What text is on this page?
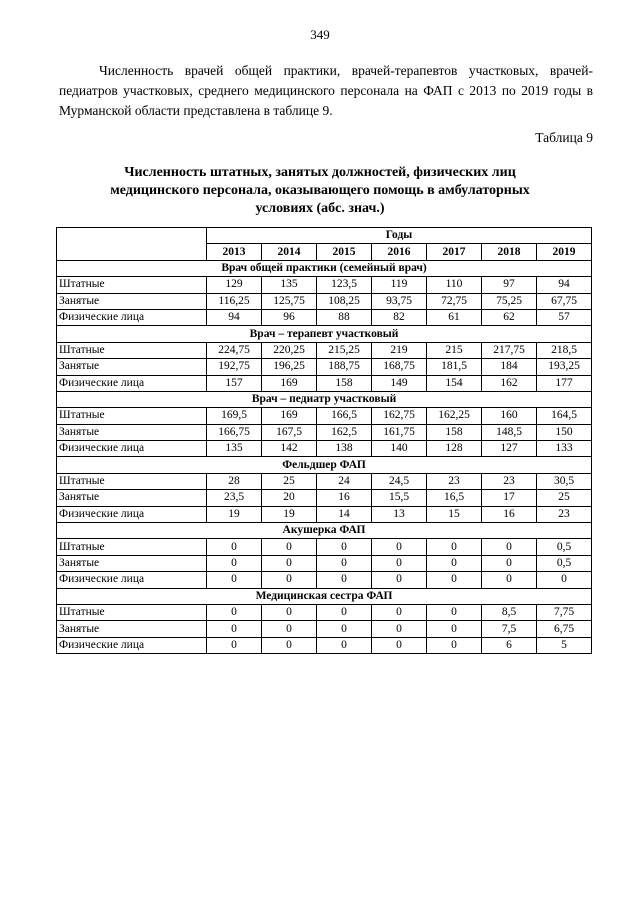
349

Численность врачей общей практики, врачей-терапевтов участковых, врачей-педиатров участковых, среднего медицинского персонала на ФАП с 2013 по 2019 годы в Мурманской области представлена в таблице 9.

Таблица 9
Численность штатных, занятых должностей, физических лиц
медицинского персонала, оказывающего помощь в амбулаторных
условиях (абс. знач.)
	Годы						
	2013	2014	2015	2016	2017	2018	2019
Врач общей практики (семейный врач)							
Штатные	129	135	123,5	119	110	97	94
Занятые	116,25	125,75	108,25	93,75	72,75	75,25	67,75
Физические лица	94	96	88	82	61	62	57
Врач – терапевт участковый							
Штатные	224,75	220,25	215,25	219	215	217,75	218,5
Занятые	192,75	196,25	188,75	168,75	181,5	184	193,25
Физические лица	157	169	158	149	154	162	177
Врач – педиатр участковый							
Штатные	169,5	169	166,5	162,75	162,25	160	164,5
Занятые	166,75	167,5	162,5	161,75	158	148,5	150
Физические лица	135	142	138	140	128	127	133
Фельдшер ФАП							
Штатные	28	25	24	24,5	23	23	30,5
Занятые	23,5	20	16	15,5	16,5	17	25
Физические лица	19	19	14	13	15	16	23
Акушерка ФАП							
Штатные	0	0	0	0	0	0	0,5
Занятые	0	0	0	0	0	0	0,5
Физические лица	0	0	0	0	0	0	0
Медицинская сестра ФАП							
Штатные	0	0	0	0	0	8,5	7,75
Занятые	0	0	0	0	0	7,5	6,75
Физические лица	0	0	0	0	0	6	5
